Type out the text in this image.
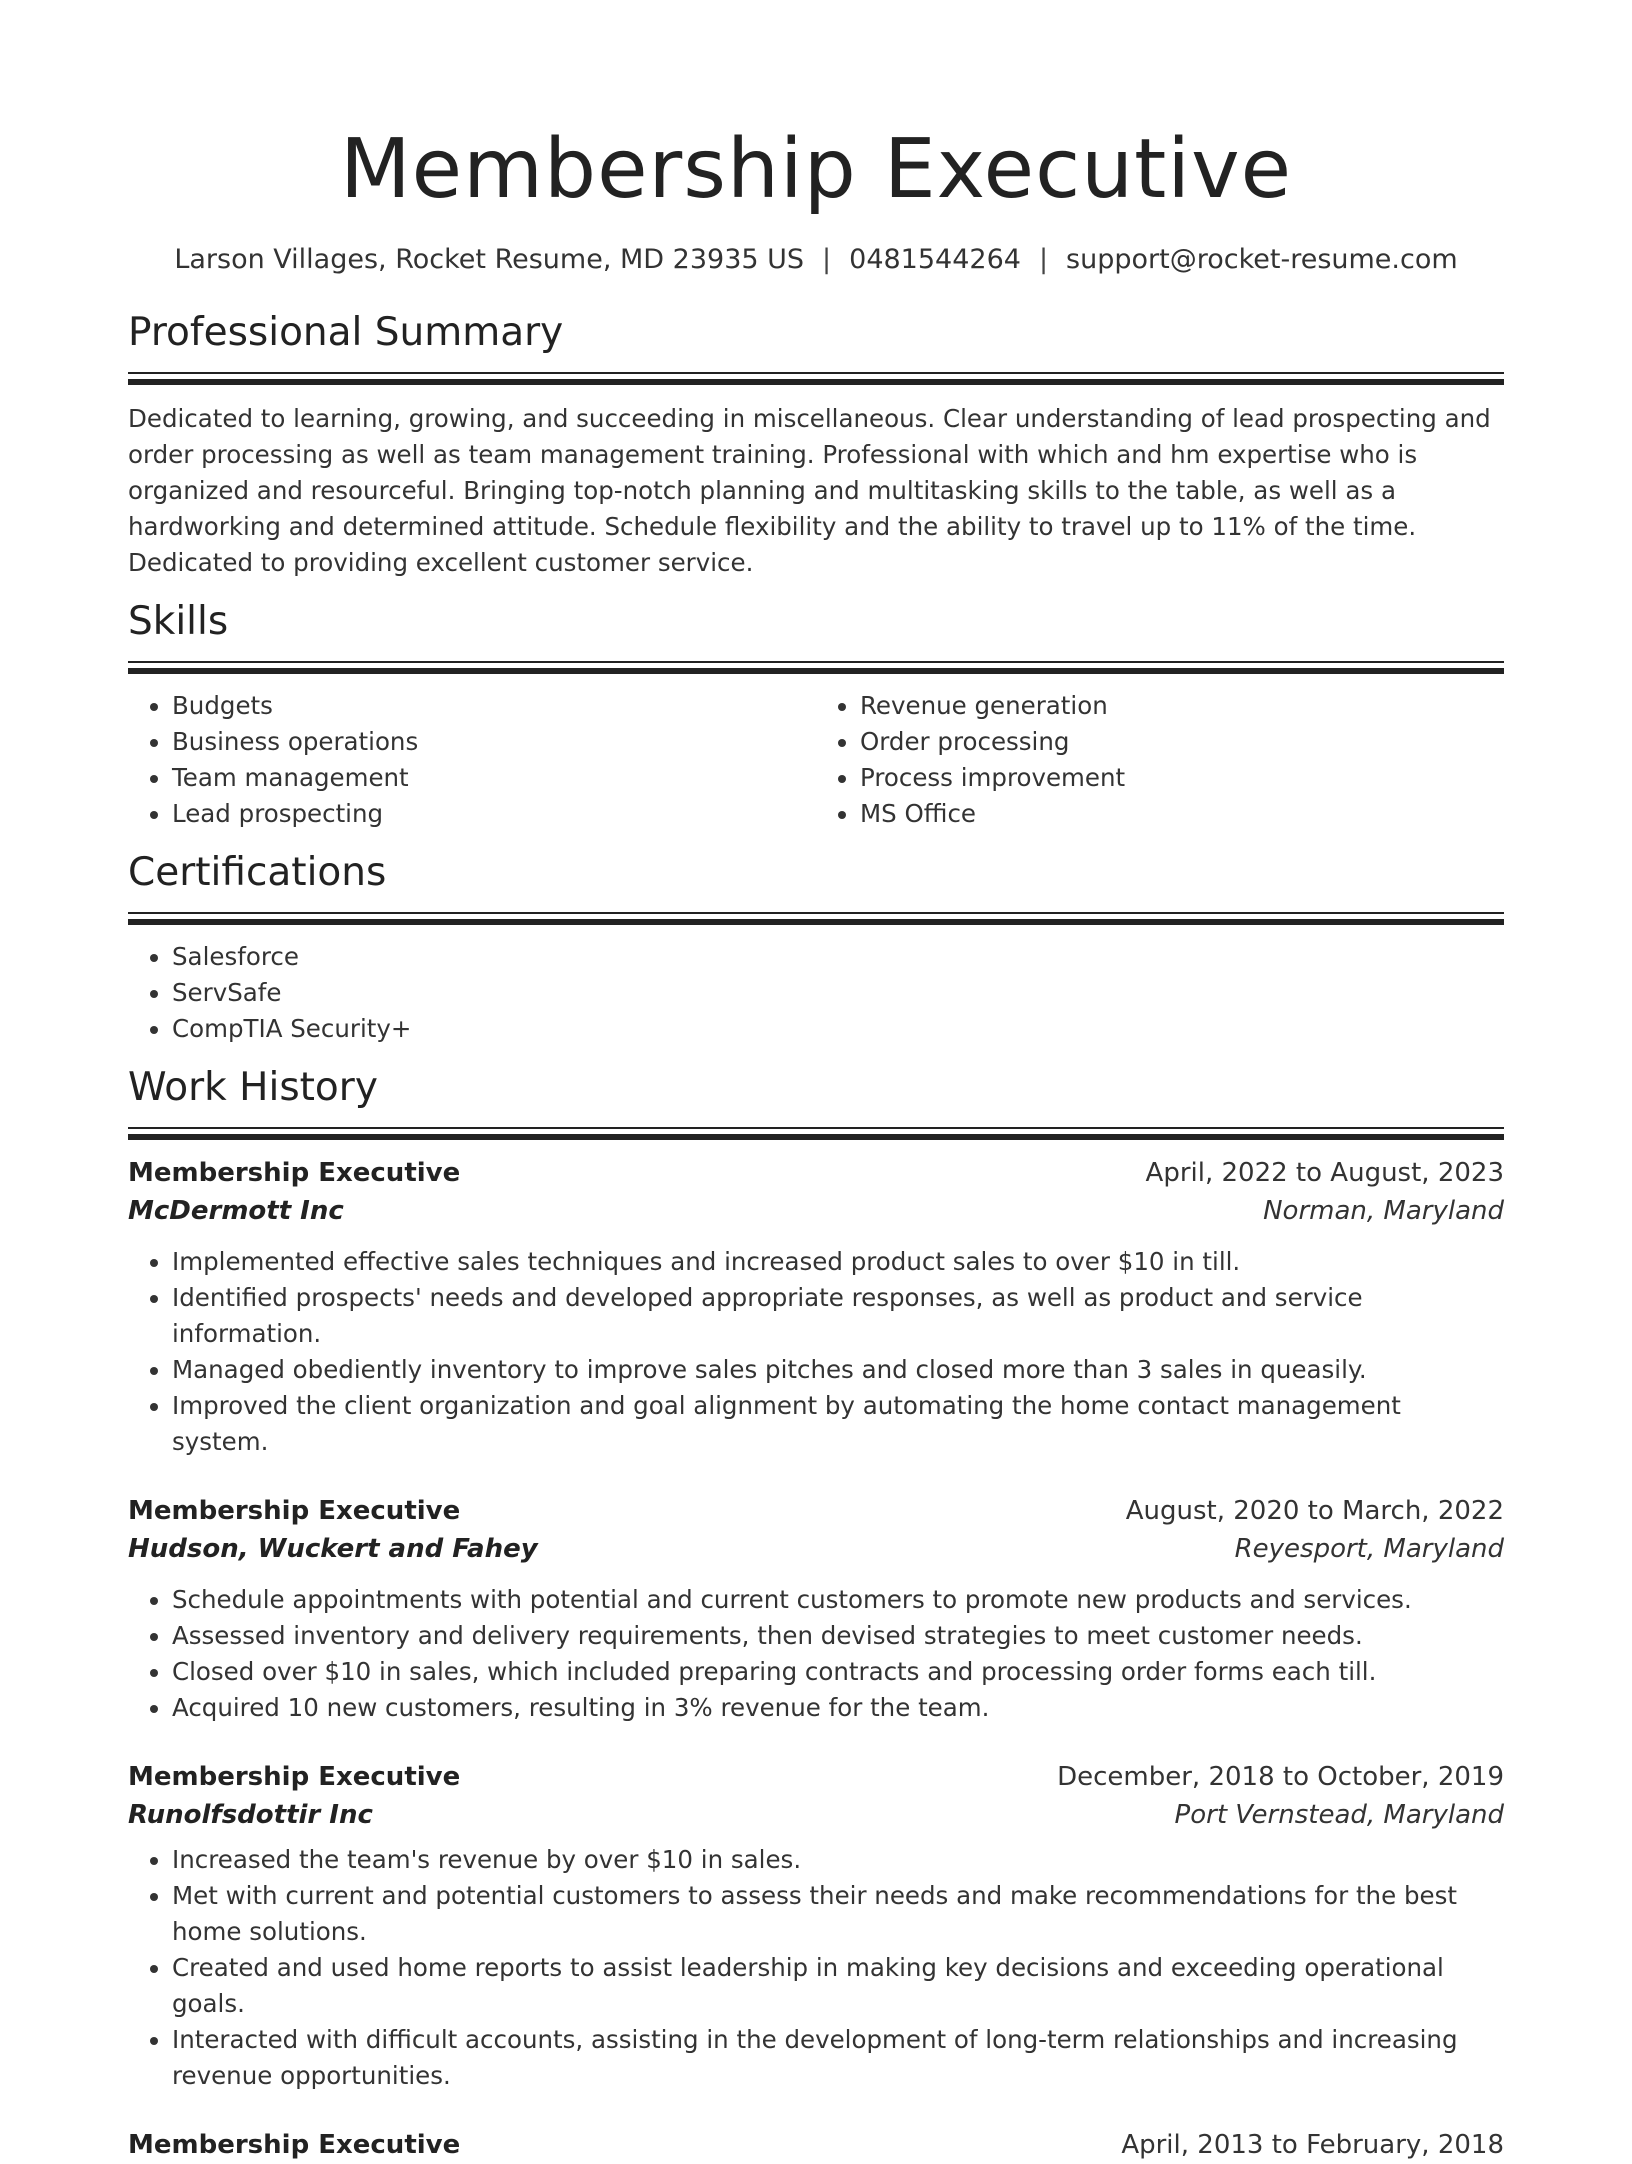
Membership Executive
Larson Villages, Rocket Resume, MD 23935 US | 0481544264 | support@rocket-resume.com
Professional Summary

Dedicated to learning, growing, and succeeding in miscellaneous. Clear understanding of lead prospecting and order processing as well as team management training. Professional with which and hm expertise who is organized and resourceful. Bringing top-notch planning and multitasking skills to the table, as well as a hardworking and determined attitude. Schedule flexibility and the ability to travel up to 11% of the time. Dedicated to providing excellent customer service.

Skills
• Budgets
• Business operations
• Team management
• Lead prospecting
• Revenue generation
• Order processing
• Process improvement
• MS Office
Certifications
• Salesforce
• ServSafe
• CompTIA Security+
Work History
Membership Executive	April, 2022 to August, 2023
McDermott Inc	Norman, Maryland
• Implemented effective sales techniques and increased product sales to over $10 in till.
• Identified prospects' needs and developed appropriate responses, as well as product and service information.
• Managed obediently inventory to improve sales pitches and closed more than 3 sales in queasily.
• Improved the client organization and goal alignment by automating the home contact management system.
Membership Executive	August, 2020 to March, 2022
Hudson, Wuckert and Fahey	Reyesport, Maryland
• Schedule appointments with potential and current customers to promote new products and services.
• Assessed inventory and delivery requirements, then devised strategies to meet customer needs.
• Closed over $10 in sales, which included preparing contracts and processing order forms each till.
• Acquired 10 new customers, resulting in 3% revenue for the team.
Membership Executive	December, 2018 to October, 2019
Runolfsdottir Inc	Port Vernstead, Maryland
• Increased the team's revenue by over $10 in sales.
• Met with current and potential customers to assess their needs and make recommendations for the best home solutions.
• Created and used home reports to assist leadership in making key decisions and exceeding operational goals.
• Interacted with difficult accounts, assisting in the development of long-term relationships and increasing revenue opportunities.
Membership Executive	April, 2013 to February, 2018
